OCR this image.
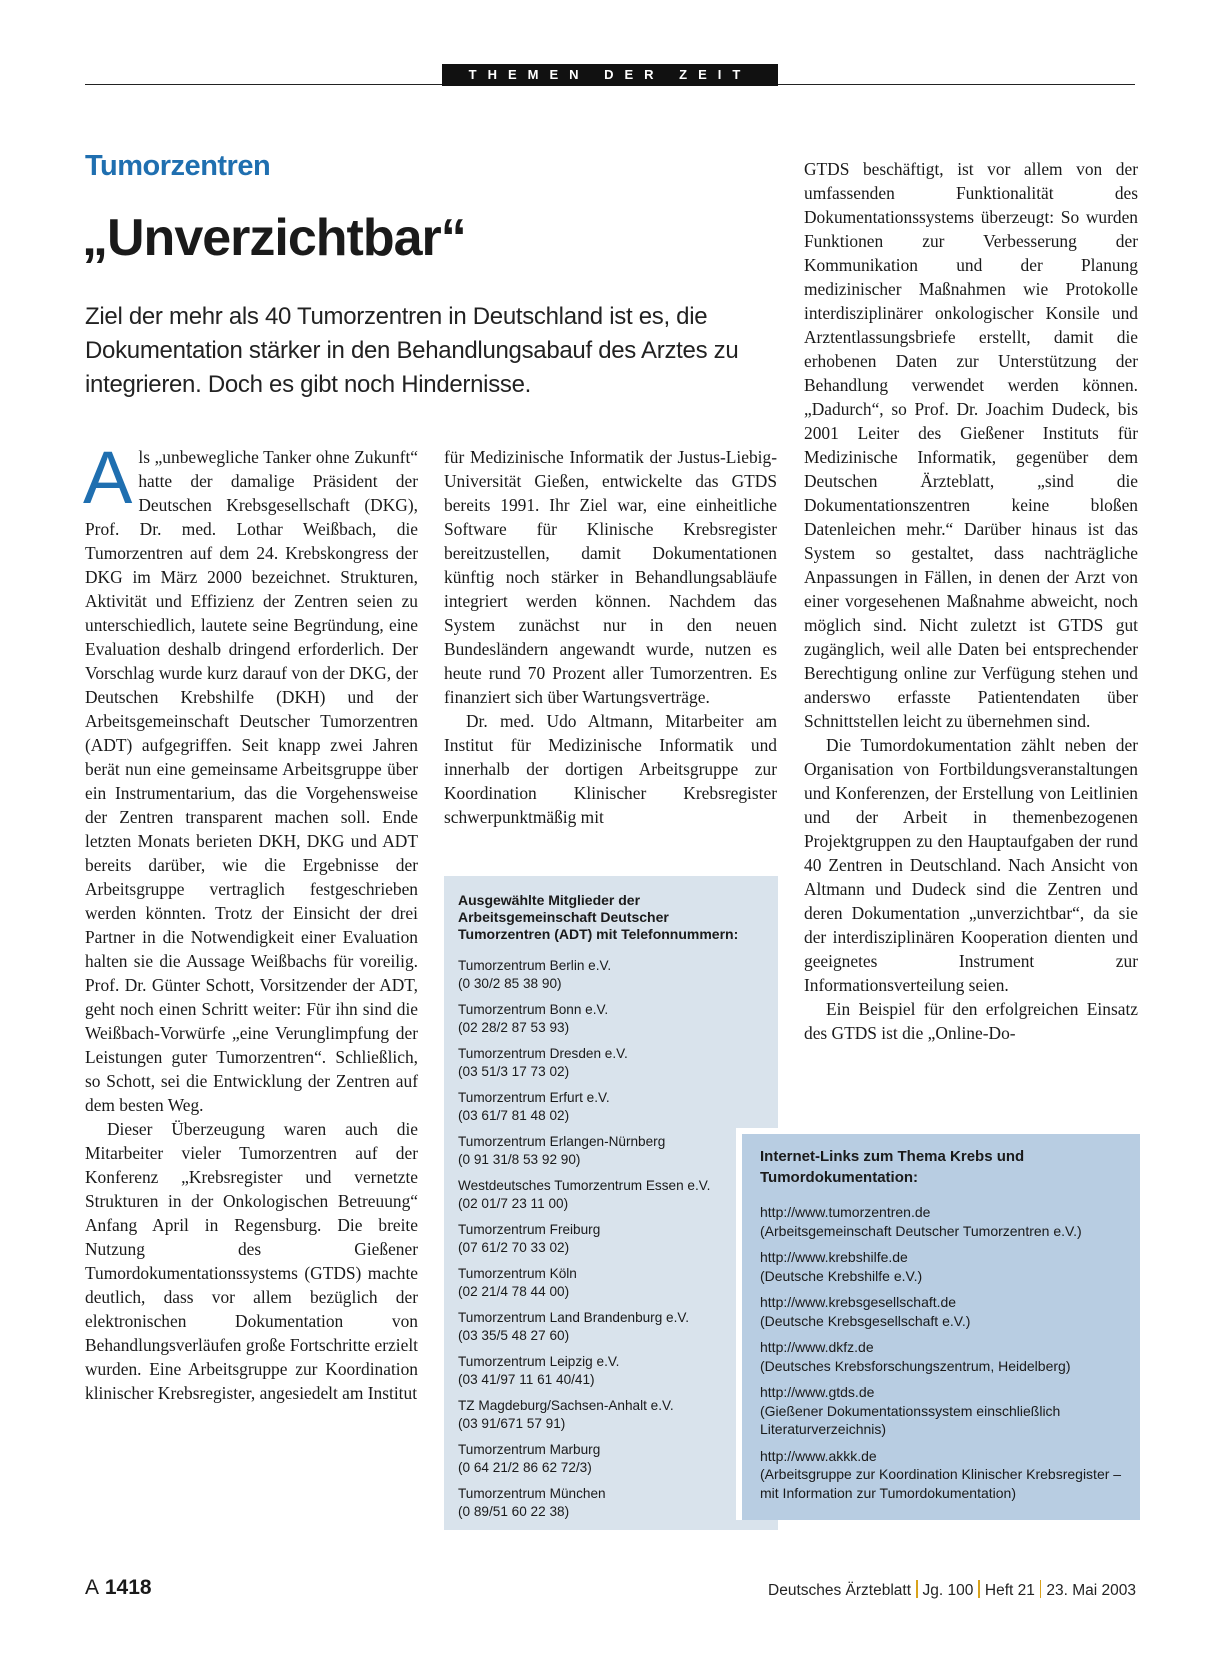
THEMEN DER ZEIT
Tumorzentren
„Unverzichtbar“
Ziel der mehr als 40 Tumorzentren in Deutschland ist es, die Dokumentation stärker in den Behandlungsabauf des Arztes zu integrieren. Doch es gibt noch Hindernisse.

Als „unbewegliche Tanker ohne Zukunft“ hatte der damalige Präsident der Deutschen Krebsgesellschaft (DKG), Prof. Dr. med. Lothar Weißbach, die Tumorzentren auf dem 24. Krebskongress der DKG im März 2000 bezeichnet. Strukturen, Aktivität und Effizienz der Zentren seien zu unterschiedlich, lautete seine Begründung, eine Evaluation deshalb dringend erforderlich. Der Vorschlag wurde kurz darauf von der DKG, der Deutschen Krebshilfe (DKH) und der Arbeitsgemeinschaft Deutscher Tumorzentren (ADT) aufgegriffen. Seit knapp zwei Jahren berät nun eine gemeinsame Arbeitsgruppe über ein Instrumentarium, das die Vorgehensweise der Zentren transparent machen soll. Ende letzten Monats berieten DKH, DKG und ADT bereits darüber, wie die Ergebnisse der Arbeitsgruppe vertraglich festgeschrieben werden könnten. Trotz der Einsicht der drei Partner in die Notwendigkeit einer Evaluation halten sie die Aussage Weißbachs für voreilig. Prof. Dr. Günter Schott, Vorsitzender der ADT, geht noch einen Schritt weiter: Für ihn sind die Weißbach-Vorwürfe „eine Verunglimpfung der Leistungen guter Tumorzentren“. Schließlich, so Schott, sei die Entwicklung der Zentren auf dem besten Weg.

Dieser Überzeugung waren auch die Mitarbeiter vieler Tumorzentren auf der Konferenz „Krebsregister und vernetzte Strukturen in der Onkologischen Betreuung“ Anfang April in Regensburg. Die breite Nutzung des Gießener Tumordokumentationssystems (GTDS) machte deutlich, dass vor allem bezüglich der elektronischen Dokumentation von Behandlungsverläufen große Fortschritte erzielt wurden. Eine Arbeitsgruppe zur Koordination klinischer Krebsregister, angesiedelt am Institut

für Medizinische Informatik der Justus-Liebig-Universität Gießen, entwickelte das GTDS bereits 1991. Ihr Ziel war, eine einheitliche Software für Klinische Krebsregister bereitzustellen, damit Dokumentationen künftig noch stärker in Behandlungsabläufe integriert werden können. Nachdem das System zunächst nur in den neuen Bundesländern angewandt wurde, nutzen es heute rund 70 Prozent aller Tumorzentren. Es finanziert sich über Wartungsverträge.

Dr. med. Udo Altmann, Mitarbeiter am Institut für Medizinische Informatik und innerhalb der dortigen Arbeitsgruppe zur Koordination Klinischer Krebsregister schwerpunktmäßig mit

GTDS beschäftigt, ist vor allem von der umfassenden Funktionalität des Dokumentationssystems überzeugt: So wurden Funktionen zur Verbesserung der Kommunikation und der Planung medizinischer Maßnahmen wie Protokolle interdisziplinärer onkologischer Konsile und Arztentlassungsbriefe erstellt, damit die erhobenen Daten zur Unterstützung der Behandlung verwendet werden können. „Dadurch“, so Prof. Dr. Joachim Dudeck, bis 2001 Leiter des Gießener Instituts für Medizinische Informatik, gegenüber dem Deutschen Ärzteblatt, „sind die Dokumentationszentren keine bloßen Datenleichen mehr.“ Darüber hinaus ist das System so gestaltet, dass nachträgliche Anpassungen in Fällen, in denen der Arzt von einer vorgesehenen Maßnahme abweicht, noch möglich sind. Nicht zuletzt ist GTDS gut zugänglich, weil alle Daten bei entsprechender Berechtigung online zur Verfügung stehen und anderswo erfasste Patientendaten über Schnittstellen leicht zu übernehmen sind.

Die Tumordokumentation zählt neben der Organisation von Fortbildungsveranstaltungen und Konferenzen, der Erstellung von Leitlinien und der Arbeit in themenbezogenen Projektgruppen zu den Hauptaufgaben der rund 40 Zentren in Deutschland. Nach Ansicht von Altmann und Dudeck sind die Zentren und deren Dokumentation „unverzichtbar“, da sie der interdisziplinären Kooperation dienten und geeignetes Instrument zur Informationsverteilung seien.

Ein Beispiel für den erfolgreichen Einsatz des GTDS ist die „Online-Do-

Ausgewählte Mitglieder der Arbeitsgemeinschaft Deutscher Tumorzentren (ADT) mit Telefonnummern:
Tumorzentrum Berlin e.V.
(0 30/2 85 38 90)
Tumorzentrum Bonn e.V.
(02 28/2 87 53 93)
Tumorzentrum Dresden e.V.
(03 51/3 17 73 02)
Tumorzentrum Erfurt e.V.
(03 61/7 81 48 02)
Tumorzentrum Erlangen-Nürnberg
(0 91 31/8 53 92 90)
Westdeutsches Tumorzentrum Essen e.V.
(02 01/7 23 11 00)
Tumorzentrum Freiburg
(07 61/2 70 33 02)
Tumorzentrum Köln
(02 21/4 78 44 00)
Tumorzentrum Land Brandenburg e.V.
(03 35/5 48 27 60)
Tumorzentrum Leipzig e.V.
(03 41/97 11 61 40/41)
TZ Magdeburg/Sachsen-Anhalt e.V.
(03 91/671 57 91)
Tumorzentrum Marburg
(0 64 21/2 86 62 72/3)
Tumorzentrum München
(0 89/51 60 22 38)
Internet-Links zum Thema Krebs und Tumordokumentation:
http://www.tumorzentren.de
(Arbeitsgemeinschaft Deutscher Tumorzentren e.V.)
http://www.krebshilfe.de
(Deutsche Krebshilfe e.V.)
http://www.krebsgesellschaft.de
(Deutsche Krebsgesellschaft e.V.)
http://www.dkfz.de
(Deutsches Krebsforschungszentrum, Heidelberg)
http://www.gtds.de
(Gießener Dokumentationssystem einschließlich Literaturverzeichnis)
http://www.akkk.de
(Arbeitsgruppe zur Koordination Klinischer Krebsregister – mit Information zur Tumordokumentation)
A 1418	Deutsches Ärzteblatt Jg. 100 Heft 21 23. Mai 2003
